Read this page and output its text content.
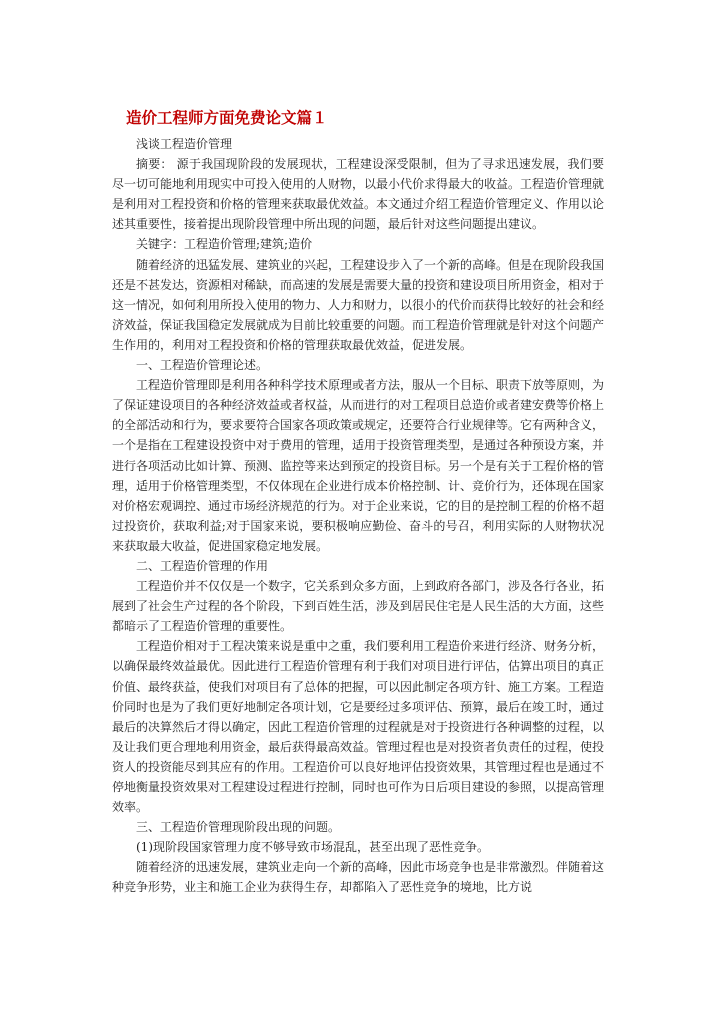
造价工程师方面免费论文篇１
浅谈工程造价管理

摘要： 源于我国现阶段的发展现状，工程建设深受限制，但为了寻求迅速发展，我们要尽一切可能地利用现实中可投入使用的人财物，以最小代价求得最大的收益。工程造价管理就是利用对工程投资和价格的管理来获取最优效益。本文通过介绍工程造价管理定义、作用以论述其重要性，接着提出现阶段管理中所出现的问题，最后针对这些问题提出建议。

关键字：工程造价管理;建筑;造价

随着经济的迅猛发展、建筑业的兴起，工程建设步入了一个新的高峰。但是在现阶段我国还是不甚发达，资源相对稀缺，而高速的发展是需要大量的投资和建设项目所用资金，相对于这一情况，如何利用所投入使用的物力、人力和财力，以很小的代价而获得比较好的社会和经济效益，保证我国稳定发展就成为目前比较重要的问题。而工程造价管理就是针对这个问题产生作用的，利用对工程投资和价格的管理获取最优效益，促进发展。

一、工程造价管理论述。

工程造价管理即是利用各种科学技术原理或者方法，服从一个目标、职责下放等原则，为了保证建设项目的各种经济效益或者权益，从而进行的对工程项目总造价或者建安费等价格上的全部活动和行为，要求要符合国家各项政策或规定，还要符合行业规律等。它有两种含义，一个是指在工程建设投资中对于费用的管理，适用于投资管理类型，是通过各种预设方案，并进行各项活动比如计算、预测、监控等来达到预定的投资目标。另一个是有关于工程价格的管理，适用于价格管理类型，不仅体现在企业进行成本价格控制、计、竞价行为，还体现在国家对价格宏观调控、通过市场经济规范的行为。对于企业来说，它的目的是控制工程的价格不超过投资价，获取利益;对于国家来说，要积极响应勤俭、奋斗的号召，利用实际的人财物状况来获取最大收益，促进国家稳定地发展。

二、工程造价管理的作用

工程造价并不仅仅是一个数字，它关系到众多方面，上到政府各部门，涉及各行各业，拓展到了社会生产过程的各个阶段，下到百姓生活，涉及到居民住宅是人民生活的大方面，这些都暗示了工程造价管理的重要性。

工程造价相对于工程决策来说是重中之重，我们要利用工程造价来进行经济、财务分析，以确保最终效益最优。因此进行工程造价管理有利于我们对项目进行评估，估算出项目的真正价值、最终获益，使我们对项目有了总体的把握，可以因此制定各项方针、施工方案。工程造价同时也是为了我们更好地制定各项计划，它是要经过多项评估、预算，最后在竣工时，通过最后的决算然后才得以确定，因此工程造价管理的过程就是对于投资进行各种调整的过程，以及让我们更合理地利用资金，最后获得最高效益。管理过程也是对投资者负责任的过程，使投资人的投资能尽到其应有的作用。工程造价可以良好地评估投资效果，其管理过程也是通过不停地衡量投资效果对工程建设过程进行控制，同时也可作为日后项目建设的参照，以提高管理效率。

三、工程造价管理现阶段出现的问题。

(1)现阶段国家管理力度不够导致市场混乱，甚至出现了恶性竞争。

随着经济的迅速发展，建筑业走向一个新的高峰，因此市场竞争也是非常激烈。伴随着这种竞争形势，业主和施工企业为获得生存，却都陷入了恶性竞争的境地，比方说
